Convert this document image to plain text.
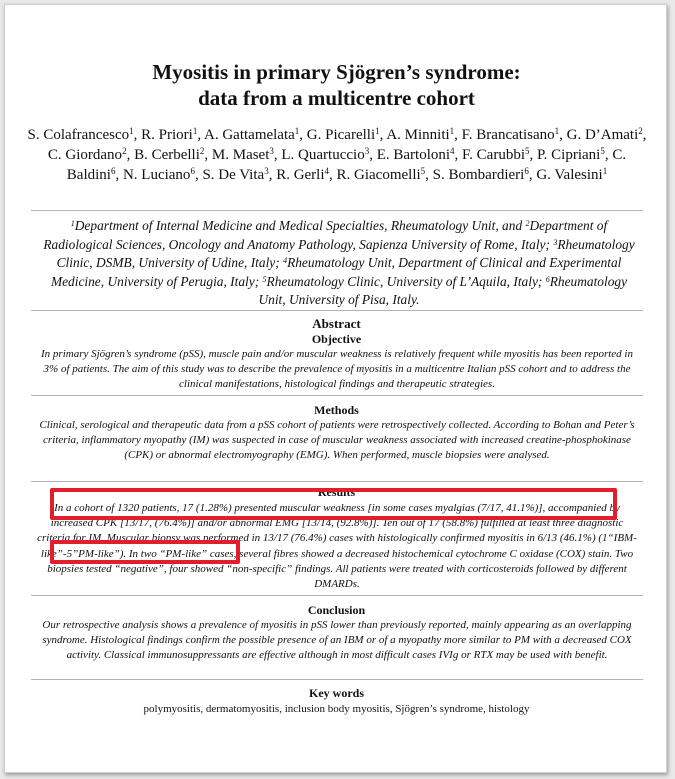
Myositis in primary Sjögren’s syndrome:
data from a multicentre cohort
S. Colafrancesco$^1$, R. Priori$^1$, A. Gattamelata$^1$, G. Picarelli$^1$, A. Minniti$^1$, F. Brancatisano$^1$, G. D’Amati$^2$, C. Giordano$^2$, B. Cerbelli$^2$, M. Maset$^3$, L. Quartuccio$^3$, E. Bartoloni$^4$, F. Carubbi$^5$, P. Cipriani$^5$, C. Baldini$^6$, N. Luciano$^6$, S. De Vita$^3$, R. Gerli$^4$, R. Giacomelli$^5$, S. Bombardieri$^6$, G. Valesini$^1$
$^1$Department of Internal Medicine and Medical Specialties, Rheumatology Unit, and $^2$Department of Radiological Sciences, Oncology and Anatomy Pathology, Sapienza University of Rome, Italy; $^3$Rheumatology Clinic, DSMB, University of Udine, Italy; $^4$Rheumatology Unit, Department of Clinical and Experimental Medicine, University of Perugia, Italy; $^5$Rheumatology Clinic, University of L’Aquila, Italy; $^6$Rheumatology Unit, University of Pisa, Italy.
Abstract
Objective
In primary Sjögren’s syndrome (pSS), muscle pain and/or muscular weakness is relatively frequent while myositis has been reported in 3% of patients. The aim of this study was to describe the prevalence of myositis in a multicentre Italian pSS cohort and to address the clinical manifestations, histological findings and therapeutic strategies.
Methods
Clinical, serological and therapeutic data from a pSS cohort of patients were retrospectively collected. According to Bohan and Peter’s criteria, inflammatory myopathy (IM) was suspected in case of muscular weakness associated with increased creatine-phosphokinase (CPK) or abnormal electromyography (EMG). When performed, muscle biopsies were analysed.
Results
In a cohort of 1320 patients, 17 (1.28%) presented muscular weakness [in some cases myalgias (7/17, 41.1%)], accompanied by increased CPK [13/17, (76.4%)] and/or abnormal EMG [13/14, (92.8%)]. Ten out of 17 (58.8%) fulfilled at least three diagnostic criteria for IM. Muscular biopsy was performed in 13/17 (76.4%) cases with histologically confirmed myositis in 6/13 (46.1%) (1“IBM-like”-5”PM-like”). In two “PM-like” cases, several fibres showed a decreased histochemical cytochrome C oxidase (COX) stain. Two biopsies tested “negative”, four showed “non-specific” findings. All patients were treated with corticosteroids followed by different DMARDs.
Conclusion
Our retrospective analysis shows a prevalence of myositis in pSS lower than previously reported, mainly appearing as an overlapping syndrome. Histological findings confirm the possible presence of an IBM or of a myopathy more similar to PM with a decreased COX activity. Classical immunosuppressants are effective although in most difficult cases IVIg or RTX may be used with benefit.
Key words
polymyositis, dermatomyositis, inclusion body myositis, Sjögren’s syndrome, histology
